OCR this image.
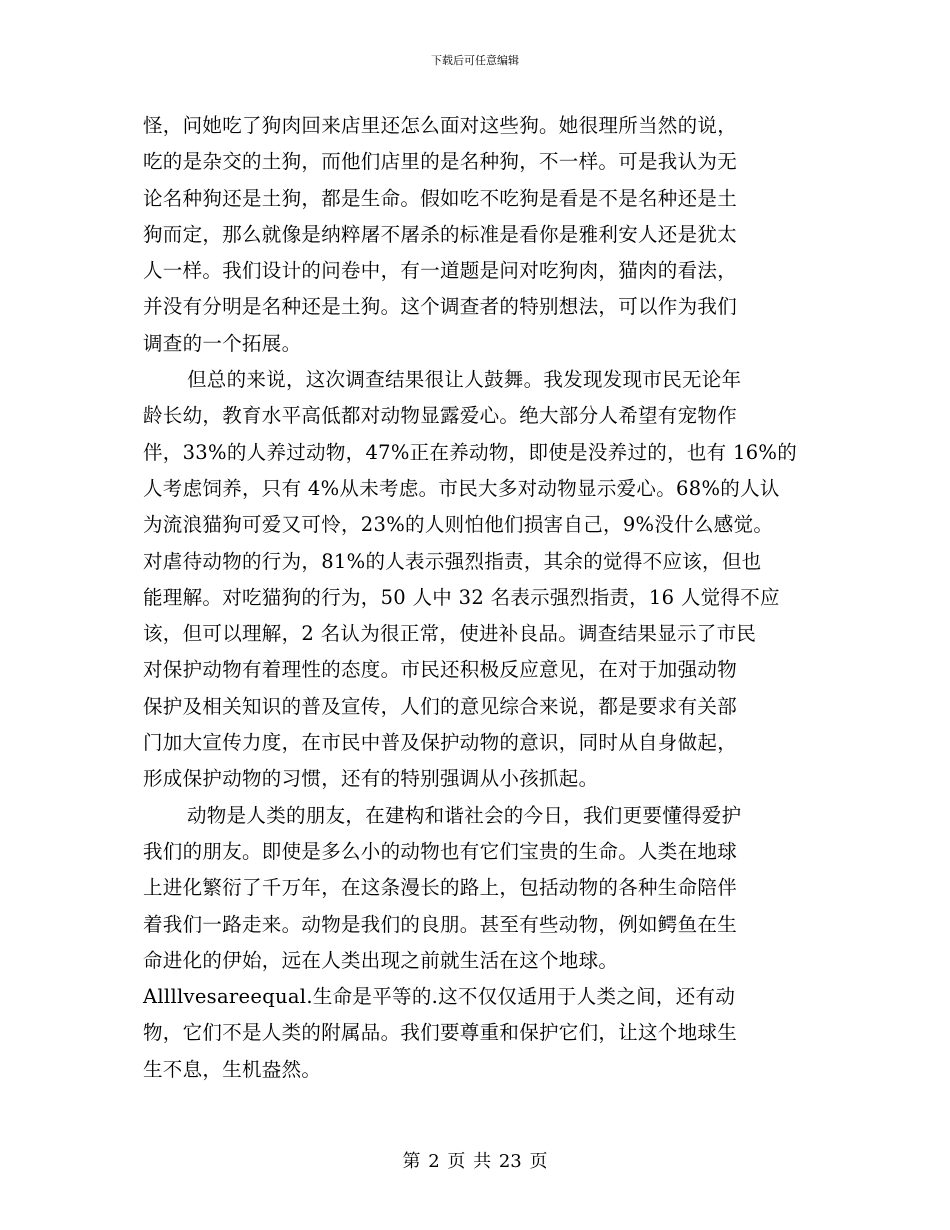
下载后可任意编辑
怪，问她吃了狗肉回来店里还怎么面对这些狗。她很理所当然的说，
吃的是杂交的土狗，而他们店里的是名种狗，不一样。可是我认为无
论名种狗还是土狗，都是生命。假如吃不吃狗是看是不是名种还是土
狗而定，那么就像是纳粹屠不屠杀的标准是看你是雅利安人还是犹太
人一样。我们设计的问卷中，有一道题是问对吃狗肉，猫肉的看法，
并没有分明是名种还是土狗。这个调查者的特别想法，可以作为我们
调查的一个拓展。
但总的来说，这次调查结果很让人鼓舞。我发现发现市民无论年
龄长幼，教育水平高低都对动物显露爱心。绝大部分人希望有宠物作
伴，33%的人养过动物，47%正在养动物，即使是没养过的，也有 16%的
人考虑饲养，只有 4%从未考虑。市民大多对动物显示爱心。68%的人认
为流浪猫狗可爱又可怜，23%的人则怕他们损害自己，9%没什么感觉。
对虐待动物的行为，81%的人表示强烈指责，其余的觉得不应该，但也
能理解。对吃猫狗的行为，50 人中 32 名表示强烈指责，16 人觉得不应
该，但可以理解，2 名认为很正常，使进补良品。调查结果显示了市民
对保护动物有着理性的态度。市民还积极反应意见，在对于加强动物
保护及相关知识的普及宣传，人们的意见综合来说，都是要求有关部
门加大宣传力度，在市民中普及保护动物的意识，同时从自身做起，
形成保护动物的习惯，还有的特别强调从小孩抓起。
动物是人类的朋友，在建构和谐社会的今日，我们更要懂得爱护
我们的朋友。即使是多么小的动物也有它们宝贵的生命。人类在地球
上进化繁衍了千万年，在这条漫长的路上，包括动物的各种生命陪伴
着我们一路走来。动物是我们的良朋。甚至有些动物，例如鳄鱼在生
命进化的伊始，远在人类出现之前就生活在这个地球。
Allllvesareequal.生命是平等的.这不仅仅适用于人类之间，还有动
物，它们不是人类的附属品。我们要尊重和保护它们，让这个地球生
生不息，生机盎然。
第 2 页 共 23 页
